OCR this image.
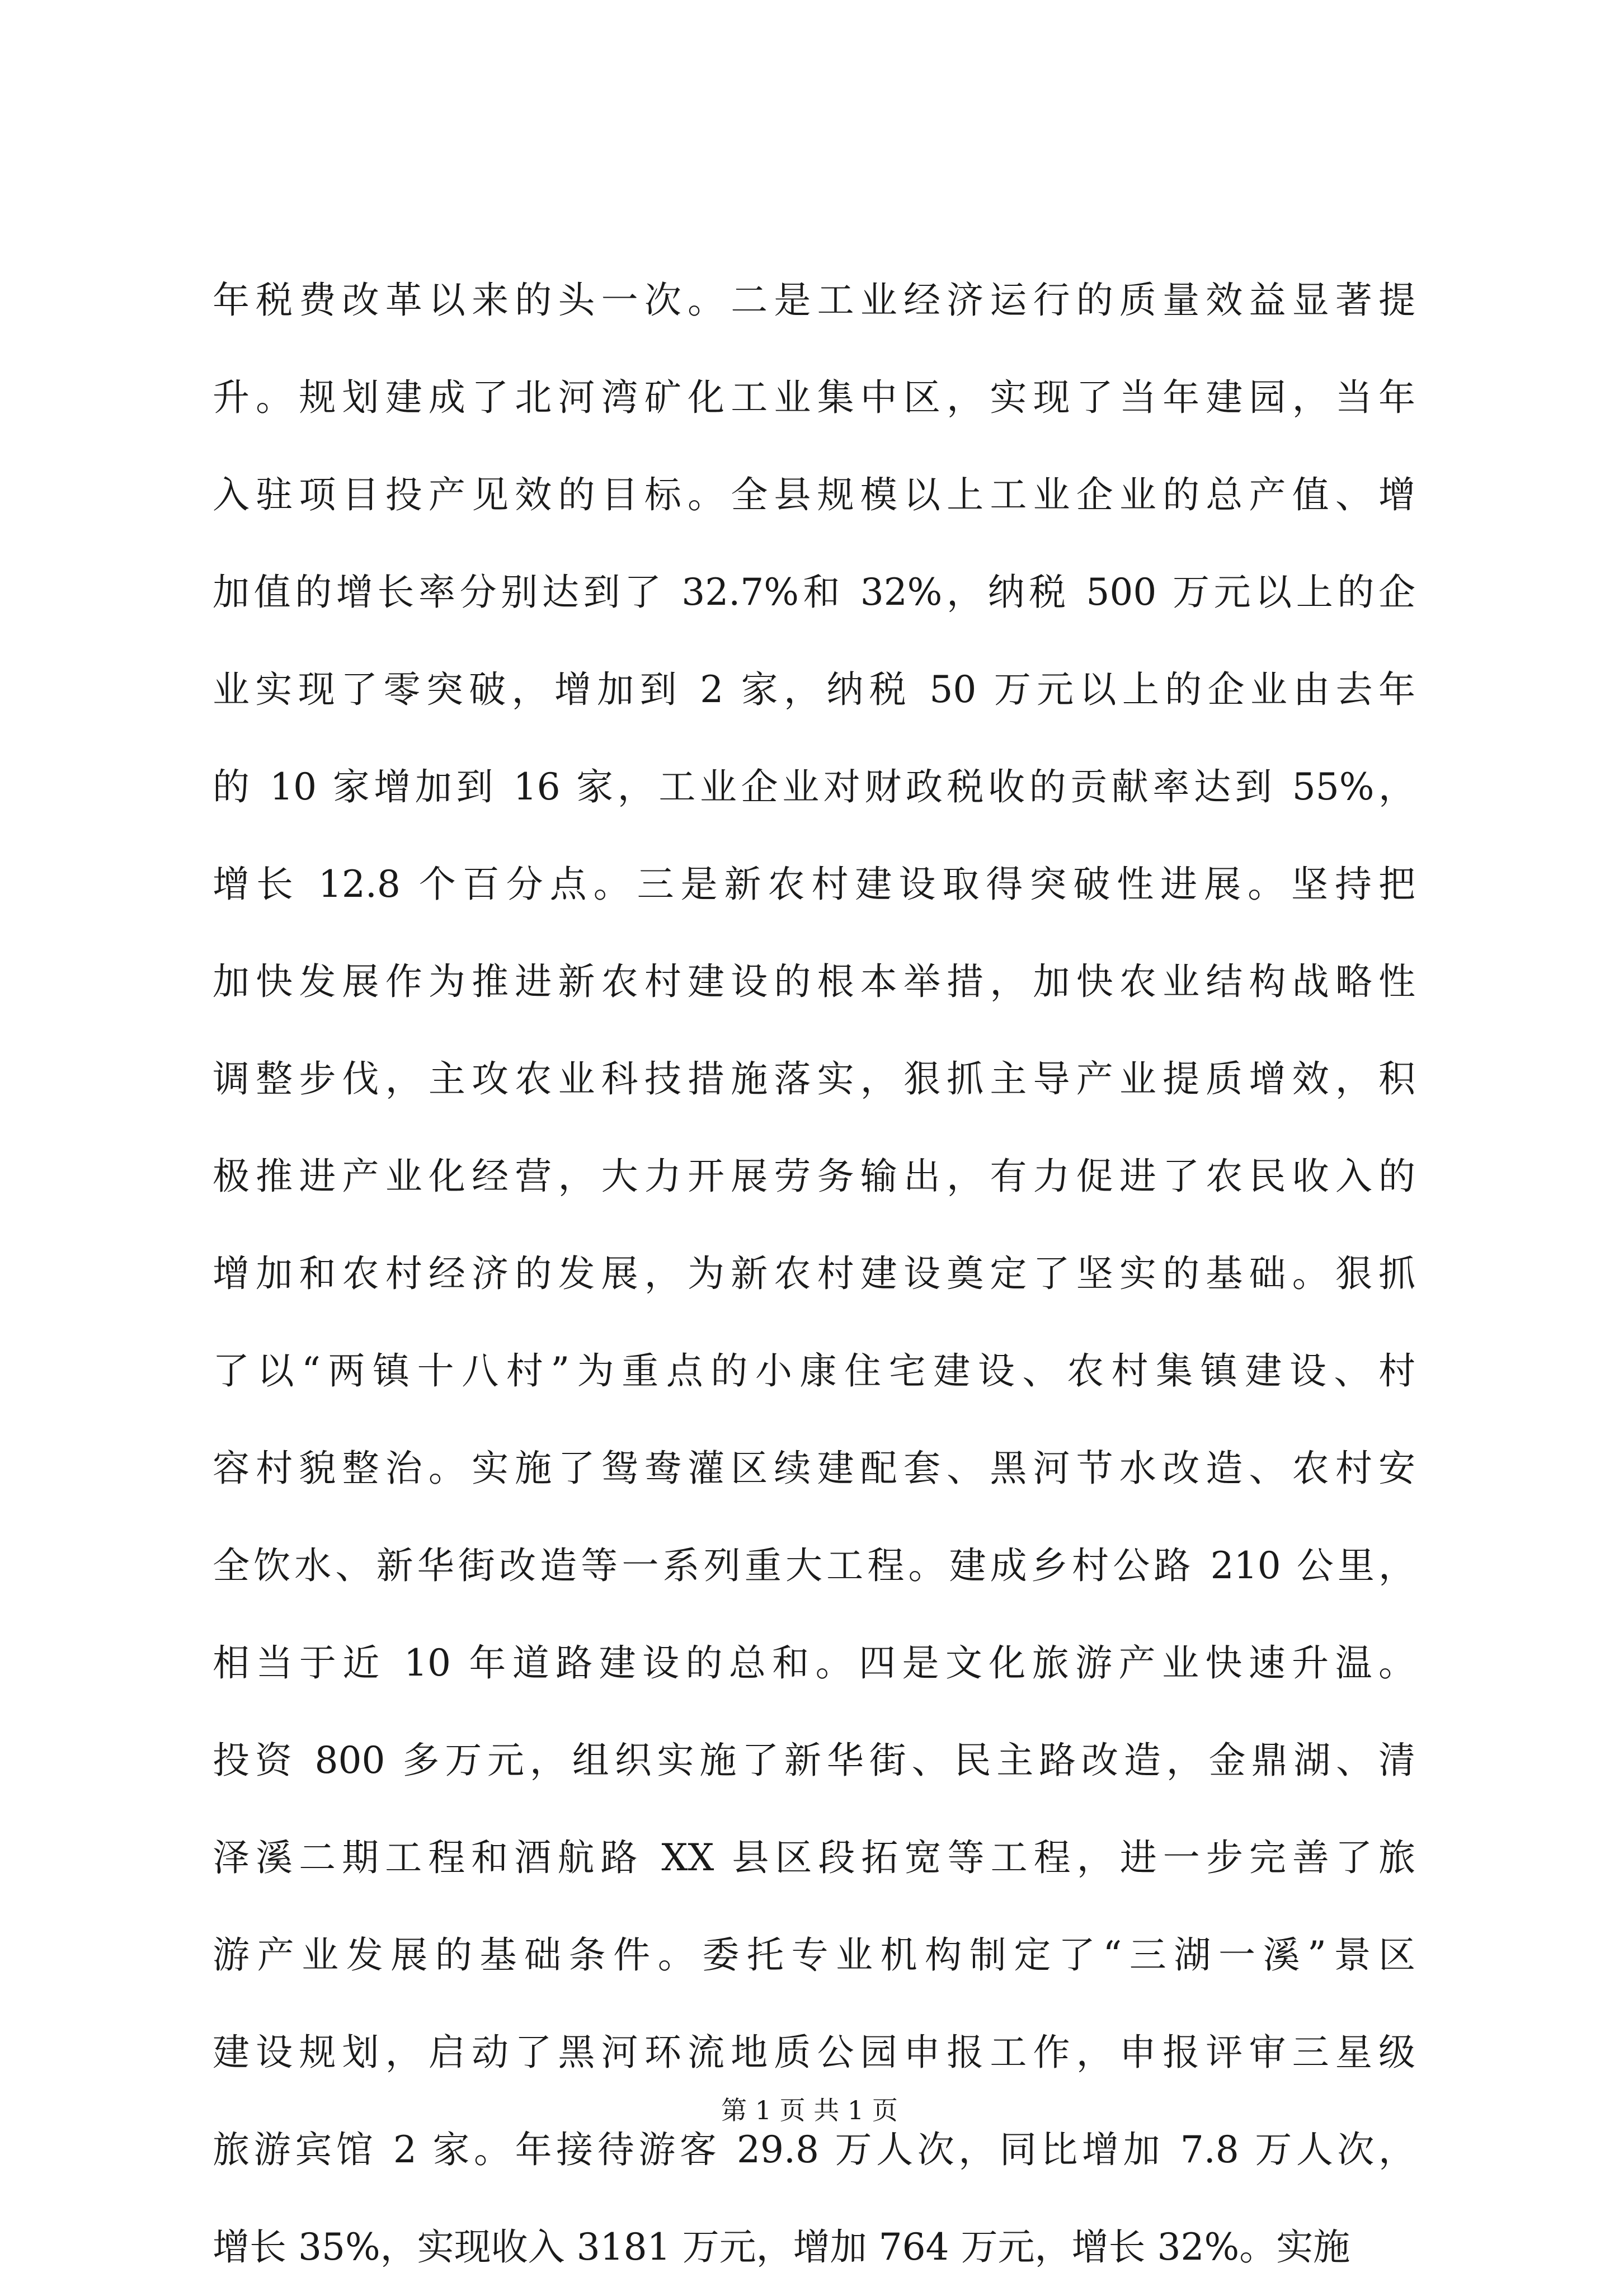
年税费改革以来的头一次。二是工业经济运行的质量效益显著提
升。规划建成了北河湾矿化工业集中区，实现了当年建园，当年
入驻项目投产见效的目标。全县规模以上工业企业的总产值、增
加值的增长率分别达到了 32.7%和 32%，纳税 500 万元以上的企
业实现了零突破，增加到 2 家，纳税 50 万元以上的企业由去年
的 10 家增加到 16 家，工业企业对财政税收的贡献率达到 55%，
增长 12.8 个百分点。三是新农村建设取得突破性进展。坚持把
加快发展作为推进新农村建设的根本举措，加快农业结构战略性
调整步伐，主攻农业科技措施落实，狠抓主导产业提质增效，积
极推进产业化经营，大力开展劳务输出，有力促进了农民收入的
增加和农村经济的发展，为新农村建设奠定了坚实的基础。狠抓
了以“两镇十八村”为重点的小康住宅建设、农村集镇建设、村
容村貌整治。实施了鸳鸯灌区续建配套、黑河节水改造、农村安
全饮水、新华街改造等一系列重大工程。建成乡村公路 210 公里，
相当于近 10 年道路建设的总和。四是文化旅游产业快速升温。
投资 800 多万元，组织实施了新华街、民主路改造，金鼎湖、清
泽溪二期工程和酒航路 XX 县区段拓宽等工程，进一步完善了旅
游产业发展的基础条件。委托专业机构制定了“三湖一溪”景区
建设规划，启动了黑河环流地质公园申报工作，申报评审三星级
旅游宾馆 2 家。年接待游客 29.8 万人次，同比增加 7.8 万人次，
增长 35%，实现收入 3181 万元，增加 764 万元，增长 32%。实施
第 1 页 共 1 页
